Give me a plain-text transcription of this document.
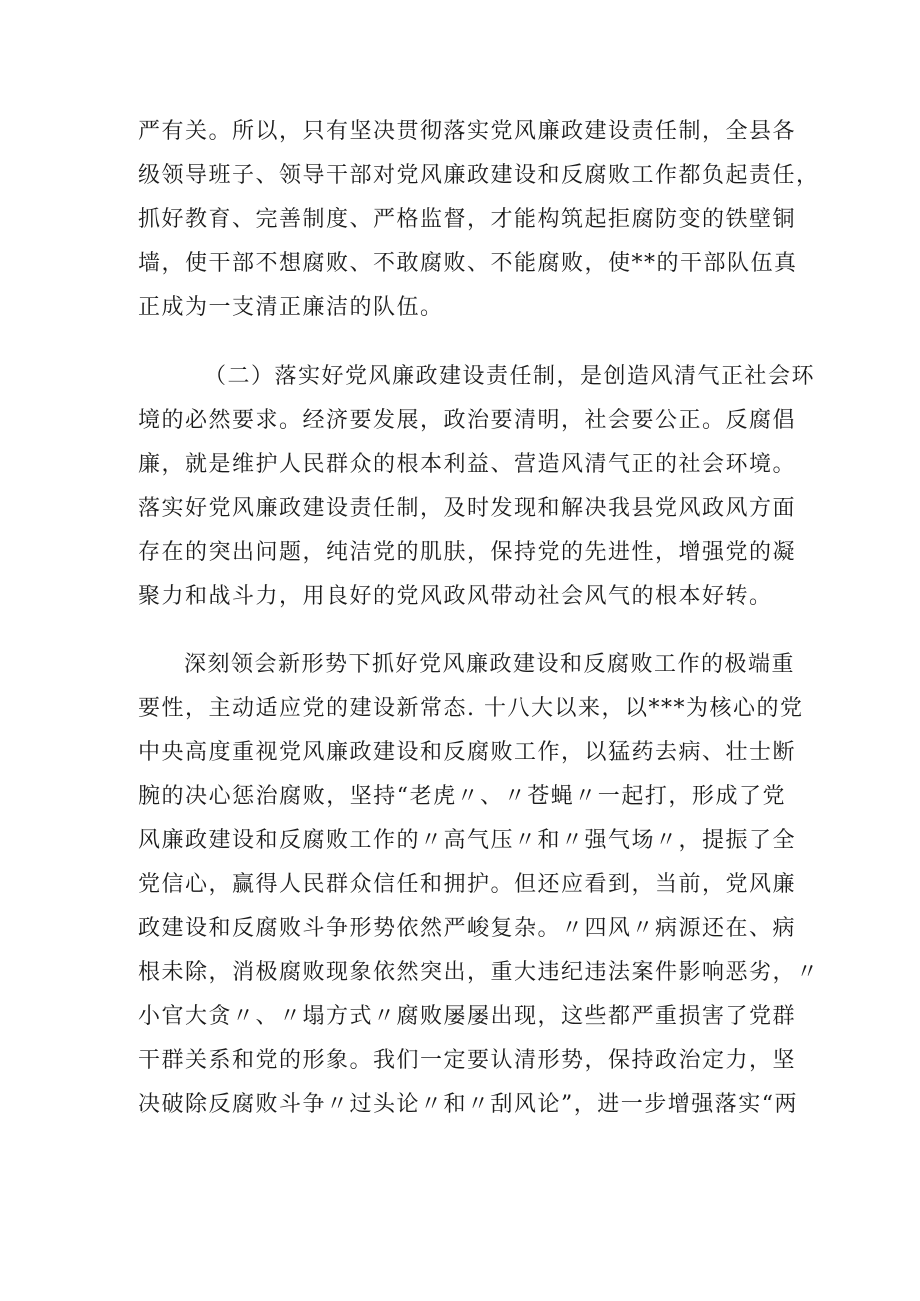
严有关。所以，只有坚决贯彻落实党风廉政建设责任制，全县各
级领导班子、领导干部对党风廉政建设和反腐败工作都负起责任，
抓好教育、完善制度、严格监督，才能构筑起拒腐防变的铁壁铜
墙，使干部不想腐败、不敢腐败、不能腐败，使**的干部队伍真
正成为一支清正廉洁的队伍。
（二）落实好党风廉政建设责任制，是创造风清气正社会环
境的必然要求。经济要发展，政治要清明，社会要公正。反腐倡
廉，就是维护人民群众的根本利益、营造风清气正的社会环境。
落实好党风廉政建设责任制，及时发现和解决我县党风政风方面
存在的突出问题，纯洁党的肌肤，保持党的先进性，增强党的凝
聚力和战斗力，用良好的党风政风带动社会风气的根本好转。
深刻领会新形势下抓好党风廉政建设和反腐败工作的极端重
要性，主动适应党的建设新常态. 十八大以来，以***为核心的党
中央高度重视党风廉政建设和反腐败工作，以猛药去病、壮士断
腕的决心惩治腐败，坚持“老虎〃、〃苍蝇〃一起打，形成了党
风廉政建设和反腐败工作的〃高气压〃和〃强气场〃，提振了全
党信心，赢得人民群众信任和拥护。但还应看到，当前，党风廉
政建设和反腐败斗争形势依然严峻复杂。〃四风〃病源还在、病
根未除，消极腐败现象依然突出，重大违纪违法案件影响恶劣，〃
小官大贪〃、〃塌方式〃腐败屡屡出现，这些都严重损害了党群
干群关系和党的形象。我们一定要认清形势，保持政治定力，坚
决破除反腐败斗争〃过头论〃和〃刮风论”，进一步增强落实“两
